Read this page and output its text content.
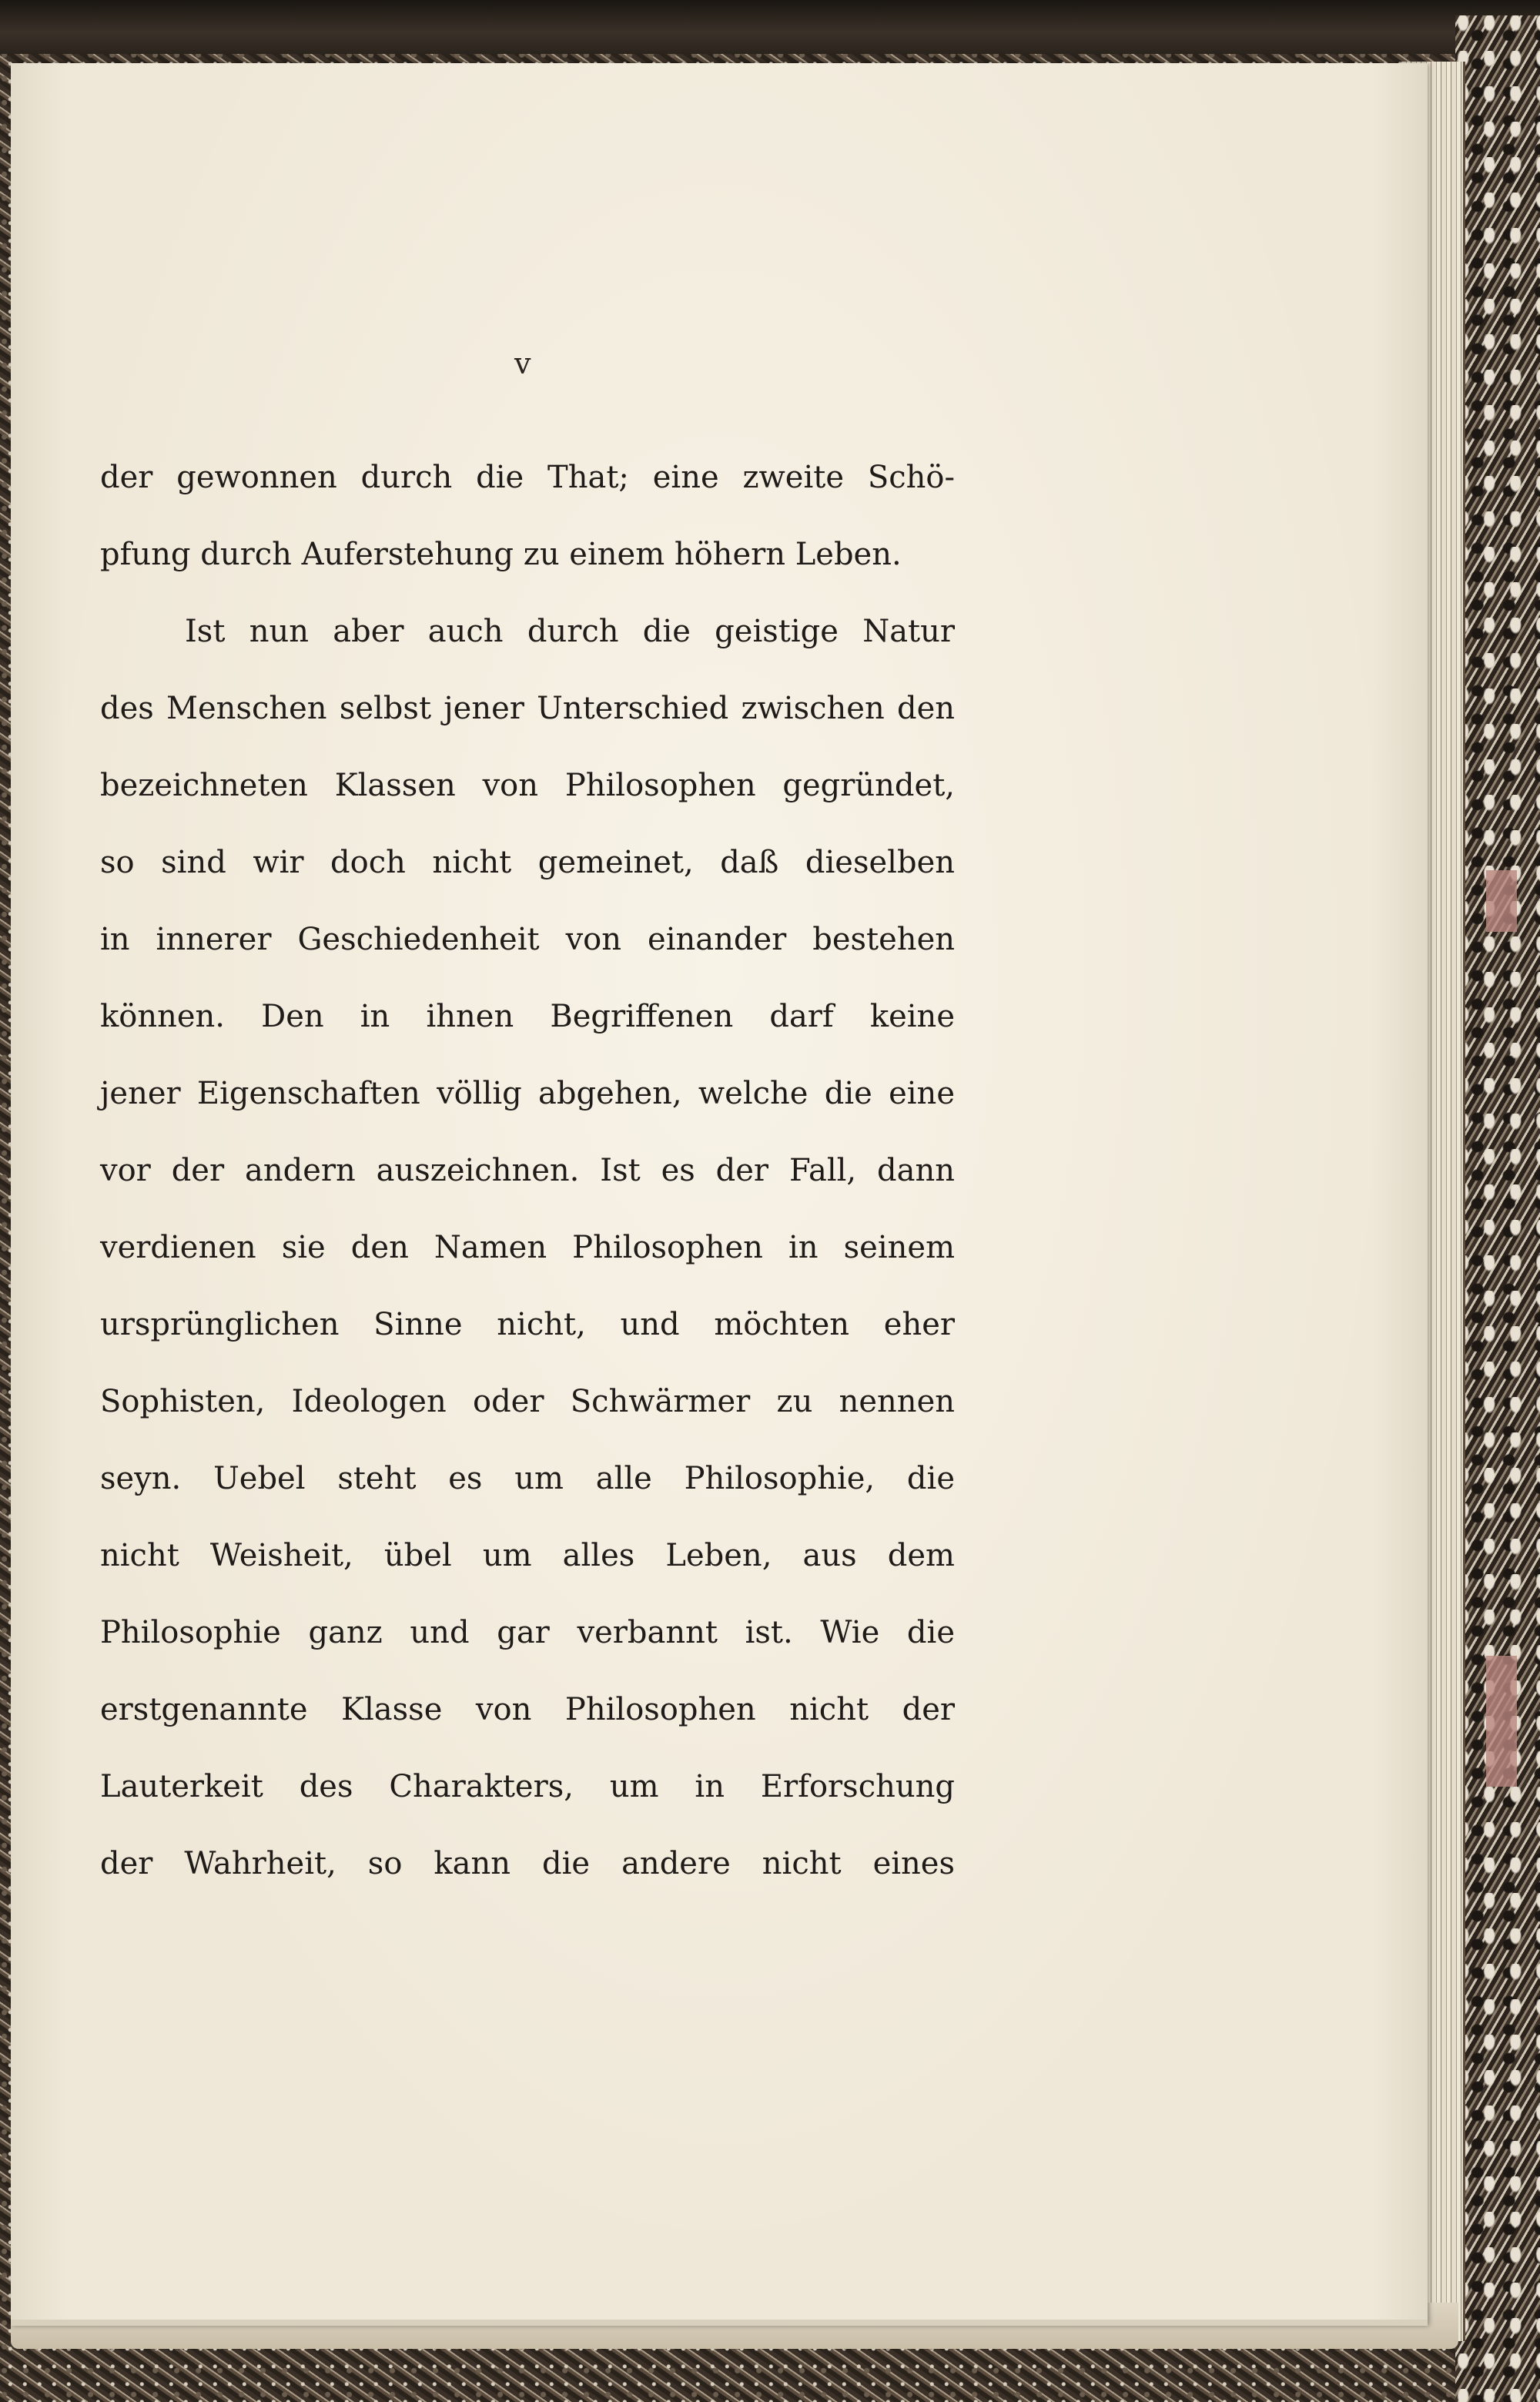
v
der gewonnen durch die That; eine zweite Schö-
pfung durch Auferstehung zu einem höhern Leben.
Ist nun aber auch durch die geistige Natur
des Menschen selbst jener Unterschied zwischen den
bezeichneten Klassen von Philosophen gegründet,
so sind wir doch nicht gemeinet, daß dieselben
in innerer Geschiedenheit von einander bestehen
können. Den in ihnen Begriffenen darf keine
jener Eigenschaften völlig abgehen, welche die eine
vor der andern auszeichnen. Ist es der Fall, dann
verdienen sie den Namen Philosophen in seinem
ursprünglichen Sinne nicht, und möchten eher
Sophisten, Ideologen oder Schwärmer zu nennen
seyn. Uebel steht es um alle Philosophie, die
nicht Weisheit, übel um alles Leben, aus dem
Philosophie ganz und gar verbannt ist. Wie die
erstgenannte Klasse von Philosophen nicht der
Lauterkeit des Charakters, um in Erforschung
der Wahrheit, so kann die andere nicht eines
